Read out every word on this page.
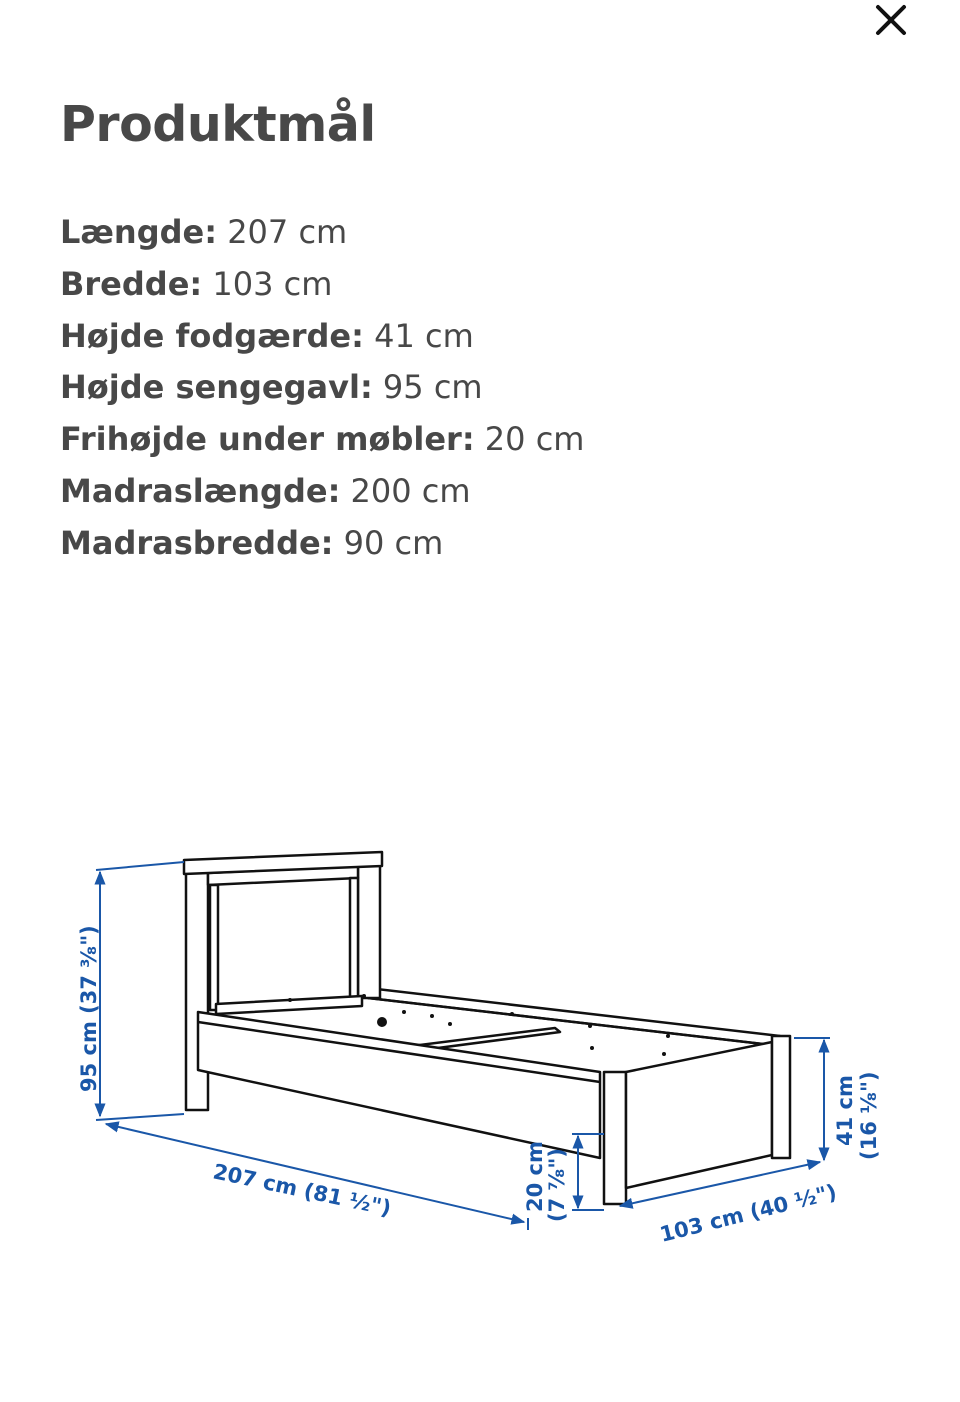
Produktmål
Længde: 207 cm
Bredde: 103 cm
Højde fodgærde: 41 cm
Højde sengegavl: 95 cm
Frihøjde under møbler: 20 cm
Madraslængde: 200 cm
Madrasbredde: 90 cm
95 cm (37 ³⁄₈")
207 cm (81 ½")	20 cm
(7 ⁷⁄₈")	103 cm (40 ½")
41 cm (16 ¹⁄₈")
